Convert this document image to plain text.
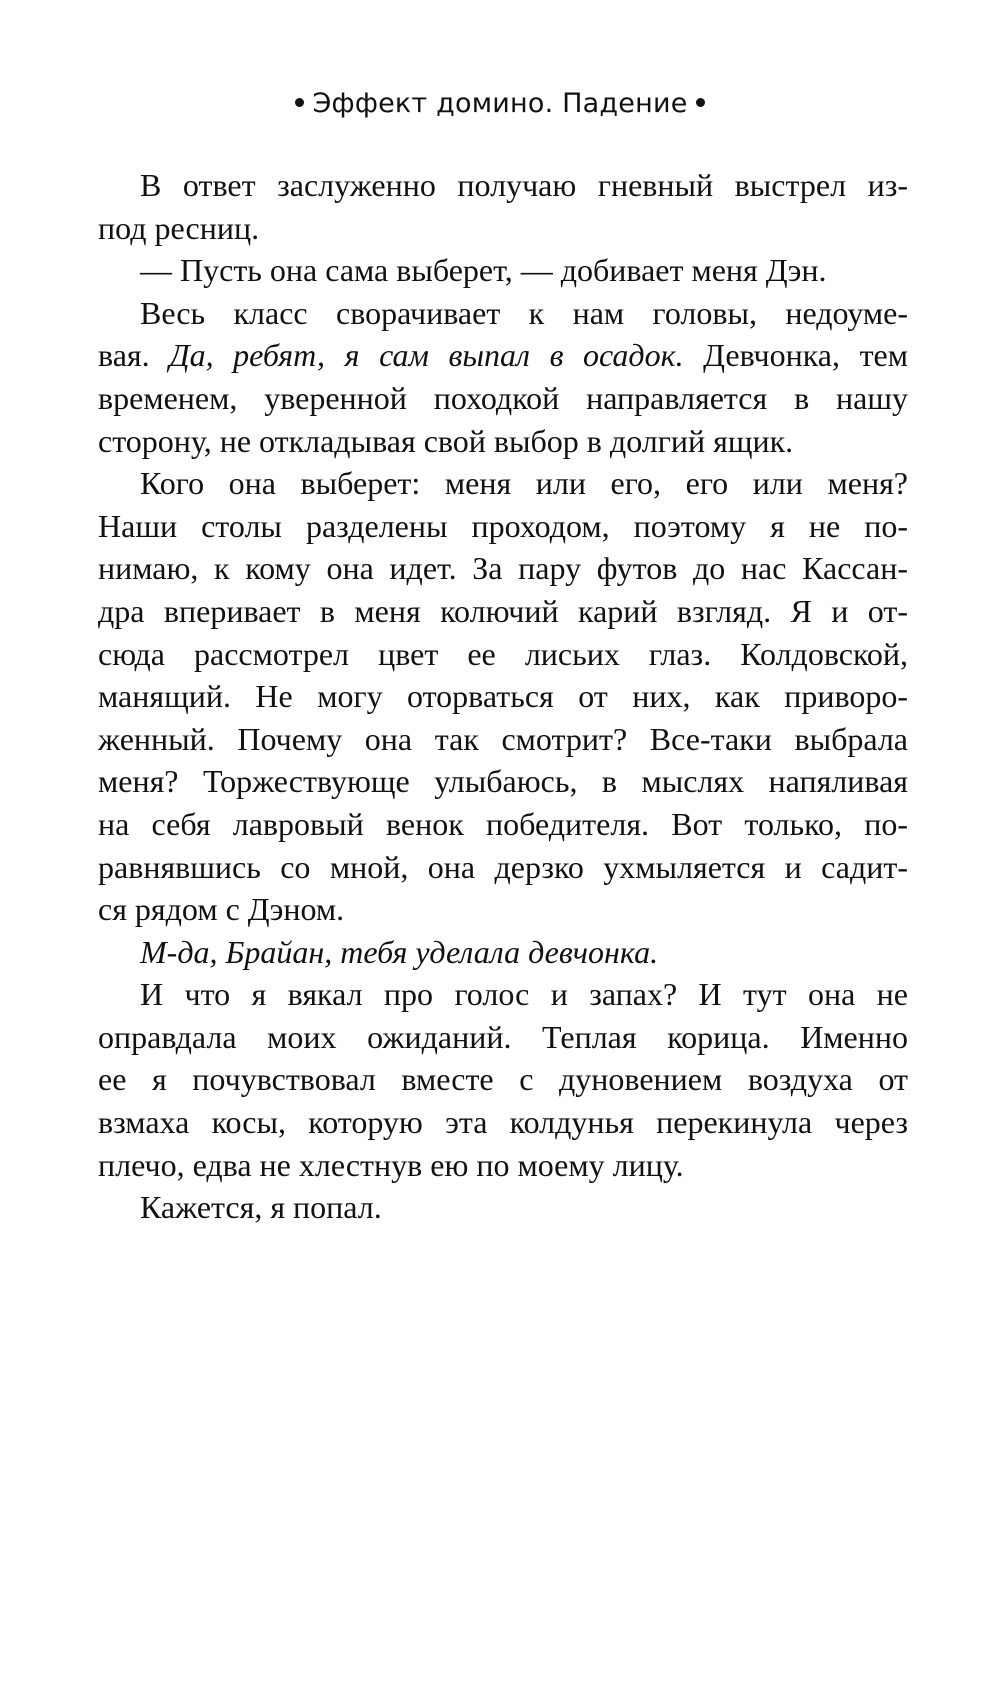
Эффект домино. Падение
В ответ заслуженно получаю гневный выстрел из-
под ресниц.
— Пусть она сама выберет, — добивает меня Дэн.
Весь класс сворачивает к нам головы, недоуме-
вая. Да, ребят, я сам выпал в осадок. Девчонка, тем
временем, уверенной походкой направляется в нашу
сторону, не откладывая свой выбор в долгий ящик.
Кого она выберет: меня или его, его или меня?
Наши столы разделены проходом, поэтому я не по-
нимаю, к кому она идет. За пару футов до нас Кассан-
дра вперивает в меня колючий карий взгляд. Я и от-
сюда рассмотрел цвет ее лисьих глаз. Колдовской,
манящий. Не могу оторваться от них, как приворо-
женный. Почему она так смотрит? Все-таки выбрала
меня? Торжествующе улыбаюсь, в мыслях напяливая
на себя лавровый венок победителя. Вот только, по-
равнявшись со мной, она дерзко ухмыляется и садит-
ся рядом с Дэном.
М-да, Брайан, тебя уделала девчонка.
И что я вякал про голос и запах? И тут она не
оправдала моих ожиданий. Теплая корица. Именно
ее я почувствовал вместе с дуновением воздуха от
взмаха косы, которую эта колдунья перекинула через
плечо, едва не хлестнув ею по моему лицу.
Кажется, я попал.
